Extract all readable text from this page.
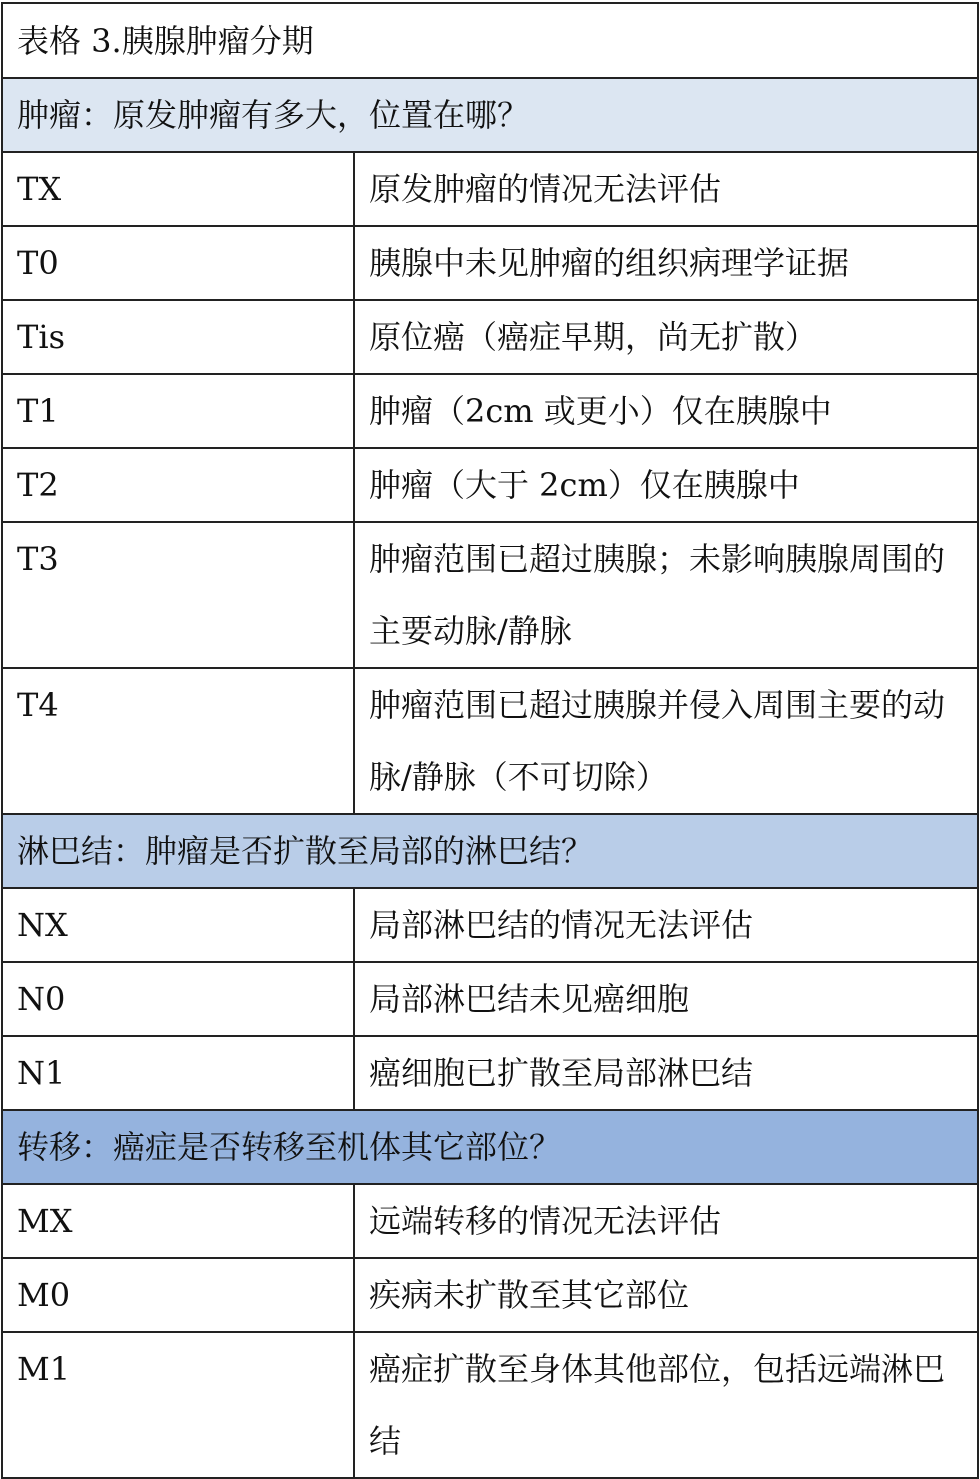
表格 3.胰腺肿瘤分期	
肿瘤：原发肿瘤有多大，位置在哪？	
TX	原发肿瘤的情况无法评估
T0	胰腺中未见肿瘤的组织病理学证据
Tis	原位癌（癌症早期，尚无扩散）
T1	肿瘤（2cm 或更小）仅在胰腺中
T2	肿瘤（大于 2cm）仅在胰腺中
T3	肿瘤范围已超过胰腺；未影响胰腺周围的主要动脉/静脉
T4	肿瘤范围已超过胰腺并侵入周围主要的动脉/静脉（不可切除）
淋巴结：肿瘤是否扩散至局部的淋巴结？	
NX	局部淋巴结的情况无法评估
N0	局部淋巴结未见癌细胞
N1	癌细胞已扩散至局部淋巴结
转移：癌症是否转移至机体其它部位？	
MX	远端转移的情况无法评估
M0	疾病未扩散至其它部位
M1	癌症扩散至身体其他部位，包括远端淋巴结
